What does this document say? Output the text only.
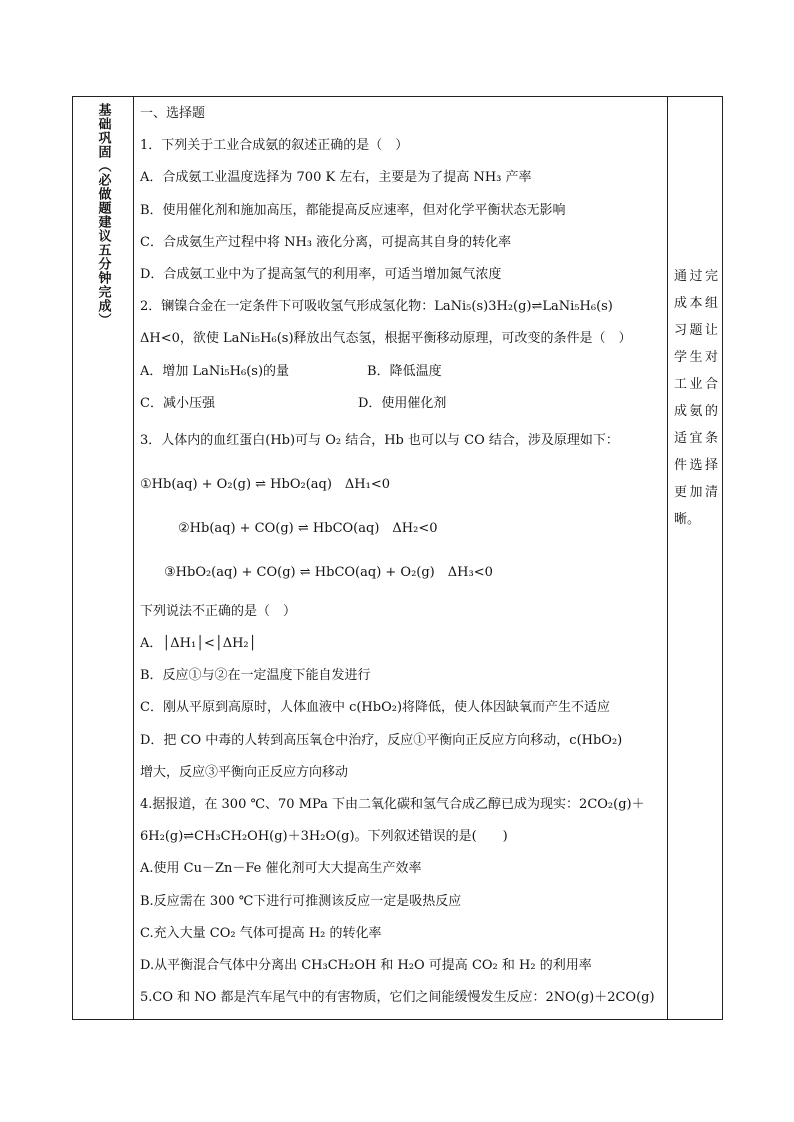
基础巩固（必做题建议五分钟完成）	一、选择题
1．下列关于工业合成氨的叙述正确的是（　）
A．合成氨工业温度选择为 700 K 左右，主要是为了提高 NH₃ 产率
B．使用催化剂和施加高压，都能提高反应速率，但对化学平衡状态无影响
C．合成氨生产过程中将 NH₃ 液化分离，可提高其自身的转化率
D．合成氨工业中为了提高氢气的利用率，可适当增加氮气浓度
2．镧镍合金在一定条件下可吸收氢气形成氢化物：LaNi₅(s)3H₂(g)⇌LaNi₅H₆(s)
ΔH<0，欲使 LaNi₅H₆(s)释放出气态氢，根据平衡移动原理，可改变的条件是（　）
A．增加 LaNi₅H₆(s)的量　　　　　　B．降低温度
C．减小压强　　　　　　　　　　　D．使用催化剂
3．人体内的血红蛋白(Hb)可与 O₂ 结合，Hb 也可以与 CO 结合，涉及原理如下：
①Hb(aq) + O₂(g) ⇌ HbO₂(aq)　ΔH₁<0
②Hb(aq) + CO(g) ⇌ HbCO(aq)　ΔH₂<0
③HbO₂(aq) + CO(g) ⇌ HbCO(aq) + O₂(g)　ΔH₃<0
下列说法不正确的是（　）
A．│ΔH₁│<│ΔH₂│
B．反应①与②在一定温度下能自发进行
C．刚从平原到高原时，人体血液中 c(HbO₂)将降低，使人体因缺氧而产生不适应
D．把 CO 中毒的人转到高压氧仓中治疗，反应①平衡向正反应方向移动，c(HbO₂)
增大，反应③平衡向正反应方向移动
4.据报道，在 300 ℃、70 MPa 下由二氧化碳和氢气合成乙醇已成为现实：2CO₂(g)＋
6H₂(g)⇌CH₃CH₂OH(g)＋3H₂O(g)。下列叙述错误的是(　　)
A.使用 Cu－Zn－Fe 催化剂可大大提高生产效率
B.反应需在 300 ℃下进行可推测该反应一定是吸热反应
C.充入大量 CO₂ 气体可提高 H₂ 的转化率
D.从平衡混合气体中分离出 CH₃CH₂OH 和 H₂O 可提高 CO₂ 和 H₂ 的利用率
5.CO 和 NO 都是汽车尾气中的有害物质，它们之间能缓慢发生反应：2NO(g)＋2CO(g)

通过完成本组习题让学生对工业合成氨的适宜条件选择更加清晰。
